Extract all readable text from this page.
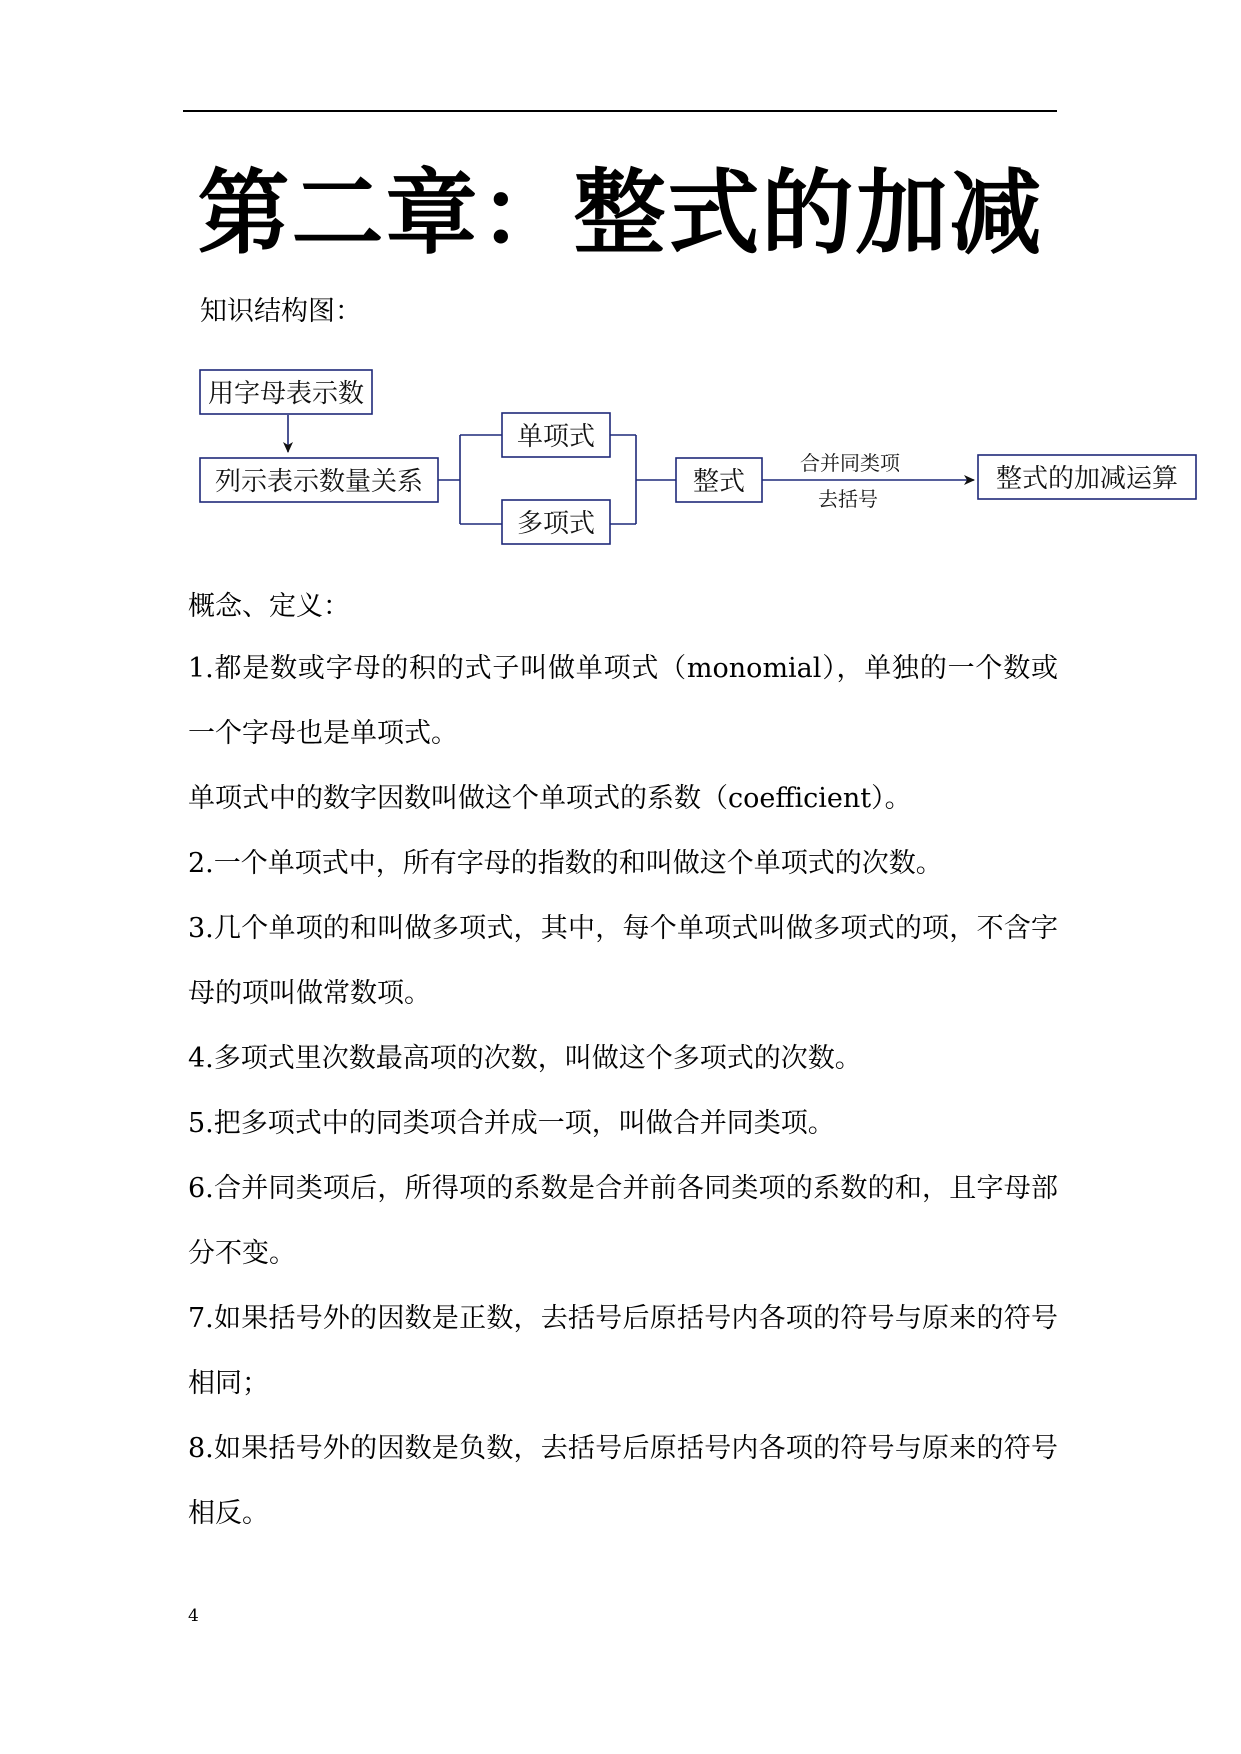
第二章：整式的加减
知识结构图：
用字母表示数
列示表示数量关系
单项式
多项式
整式	整式的加减运算
合并同类项
去括号
概念、定义：
1.都是数或字母的积的式子叫做单项式（monomial），单独的一个数或一个字母也是单项式。
单项式中的数字因数叫做这个单项式的系数（coefficient）。
2.一个单项式中，所有字母的指数的和叫做这个单项式的次数。
3.几个单项的和叫做多项式，其中，每个单项式叫做多项式的项，不含字母的项叫做常数项。
4.多项式里次数最高项的次数，叫做这个多项式的次数。
5.把多项式中的同类项合并成一项，叫做合并同类项。
6.合并同类项后，所得项的系数是合并前各同类项的系数的和，且字母部分不变。
7.如果括号外的因数是正数，去括号后原括号内各项的符号与原来的符号相同；
8.如果括号外的因数是负数，去括号后原括号内各项的符号与原来的符号相反。
4
